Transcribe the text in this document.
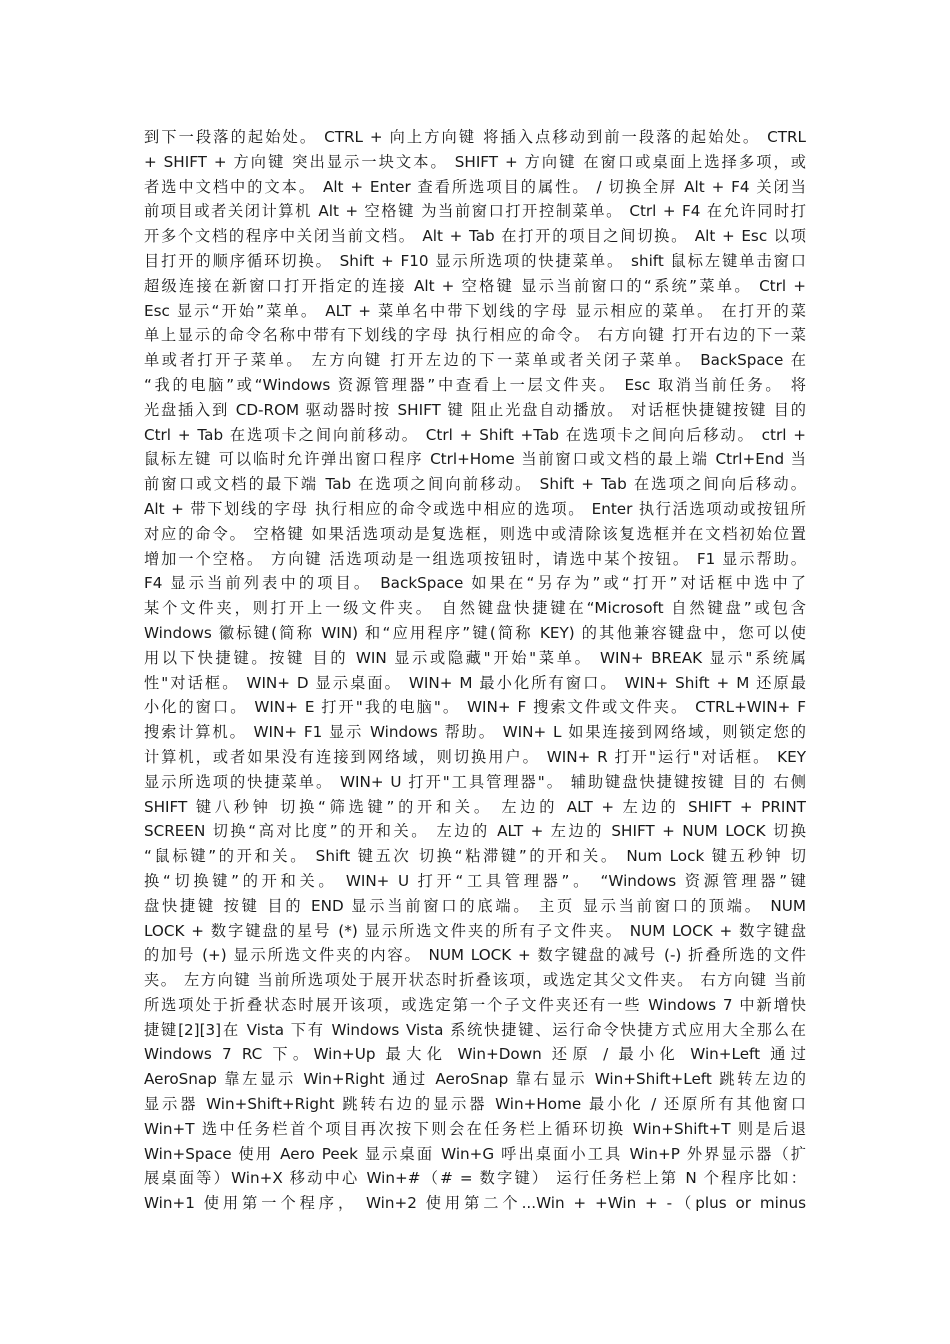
到下一段落的起始处。 CTRL + 向上方向键 将插入点移动到前一段落的起始处。 CTRL
+ SHIFT + 方向键 突出显示一块文本。 SHIFT + 方向键 在窗口或桌面上选择多项，或
者选中文档中的文本。 Alt + Enter 查看所选项目的属性。 / 切换全屏 Alt + F4 关闭当
前项目或者关闭计算机 Alt + 空格键 为当前窗口打开控制菜单。 Ctrl + F4 在允许同时打
开多个文档的程序中关闭当前文档。 Alt + Tab 在打开的项目之间切换。 Alt + Esc 以项
目打开的顺序循环切换。 Shift + F10 显示所选项的快捷菜单。 shift 鼠标左键单击窗口
超级连接在新窗口打开指定的连接 Alt + 空格键 显示当前窗口的“系统”菜单。 Ctrl +
Esc 显示“开始”菜单。 ALT + 菜单名中带下划线的字母 显示相应的菜单。 在打开的菜
单上显示的命令名称中带有下划线的字母 执行相应的命令。 右方向键 打开右边的下一菜
单或者打开子菜单。 左方向键 打开左边的下一菜单或者关闭子菜单。 BackSpace 在
“我的电脑”或“Windows 资源管理器”中查看上一层文件夹。 Esc 取消当前任务。 将
光盘插入到 CD-ROM 驱动器时按 SHIFT 键 阻止光盘自动播放。 对话框快捷键按键 目的
Ctrl + Tab 在选项卡之间向前移动。 Ctrl + Shift +Tab 在选项卡之间向后移动。 ctrl +
鼠标左键 可以临时允许弹出窗口程序 Ctrl+Home 当前窗口或文档的最上端 Ctrl+End 当
前窗口或文档的最下端 Tab 在选项之间向前移动。 Shift + Tab 在选项之间向后移动。
Alt + 带下划线的字母 执行相应的命令或选中相应的选项。 Enter 执行活选项动或按钮所
对应的命令。 空格键 如果活选项动是复选框，则选中或清除该复选框并在文档初始位置
增加一个空格。 方向键 活选项动是一组选项按钮时，请选中某个按钮。 F1 显示帮助。
F4 显示当前列表中的项目。 BackSpace 如果在“另存为”或“打开”对话框中选中了
某个文件夹，则打开上一级文件夹。 自然键盘快捷键在“Microsoft 自然键盘”或包含
Windows 徽标键(简称 WIN) 和“应用程序”键(简称 KEY) 的其他兼容键盘中，您可以使
用以下快捷键。按键 目的 WIN 显示或隐藏"开始"菜单。 WIN+ BREAK 显示"系统属
性"对话框。 WIN+ D 显示桌面。 WIN+ M 最小化所有窗口。 WIN+ Shift + M 还原最
小化的窗口。 WIN+ E 打开"我的电脑"。 WIN+ F 搜索文件或文件夹。 CTRL+WIN+ F
搜索计算机。 WIN+ F1 显示 Windows 帮助。 WIN+ L 如果连接到网络域，则锁定您的
计算机，或者如果没有连接到网络域，则切换用户。 WIN+ R 打开"运行"对话框。 KEY
显示所选项的快捷菜单。 WIN+ U 打开"工具管理器"。 辅助键盘快捷键按键 目的 右侧
SHIFT 键八秒钟 切换“筛选键”的开和关。 左边的 ALT + 左边的 SHIFT + PRINT
SCREEN 切换“高对比度”的开和关。 左边的 ALT + 左边的 SHIFT + NUM LOCK 切换
“鼠标键”的开和关。 Shift 键五次 切换“粘滞键”的开和关。 Num Lock 键五秒钟 切
换“切换键”的开和关。 WIN+ U 打开“工具管理器”。 “Windows 资源管理器”键
盘快捷键 按键 目的 END 显示当前窗口的底端。 主页 显示当前窗口的顶端。 NUM
LOCK + 数字键盘的星号 (*) 显示所选文件夹的所有子文件夹。 NUM LOCK + 数字键盘
的加号 (+) 显示所选文件夹的内容。 NUM LOCK + 数字键盘的减号 (-) 折叠所选的文件
夹。 左方向键 当前所选项处于展开状态时折叠该项，或选定其父文件夹。 右方向键 当前
所选项处于折叠状态时展开该项，或选定第一个子文件夹还有一些 Windows 7 中新增快
捷键[2][3]在 Vista 下有 Windows Vista 系统快捷键、运行命令快捷方式应用大全那么在
Windows 7 RC 下。Win+Up 最大化 Win+Down 还原 / 最小化 Win+Left 通过
AeroSnap 靠左显示 Win+Right 通过 AeroSnap 靠右显示 Win+Shift+Left 跳转左边的
显示器 Win+Shift+Right 跳转右边的显示器 Win+Home 最小化 / 还原所有其他窗口
Win+T 选中任务栏首个项目再次按下则会在任务栏上循环切换 Win+Shift+T 则是后退
Win+Space 使用 Aero Peek 显示桌面 Win+G 呼出桌面小工具 Win+P 外界显示器（扩
展桌面等）Win+X 移动中心 Win+#（# = 数字键） 运行任务栏上第 N 个程序比如：
Win+1 使用第一个程序， Win+2 使用第二个...Win + +Win + -（plus or minus
